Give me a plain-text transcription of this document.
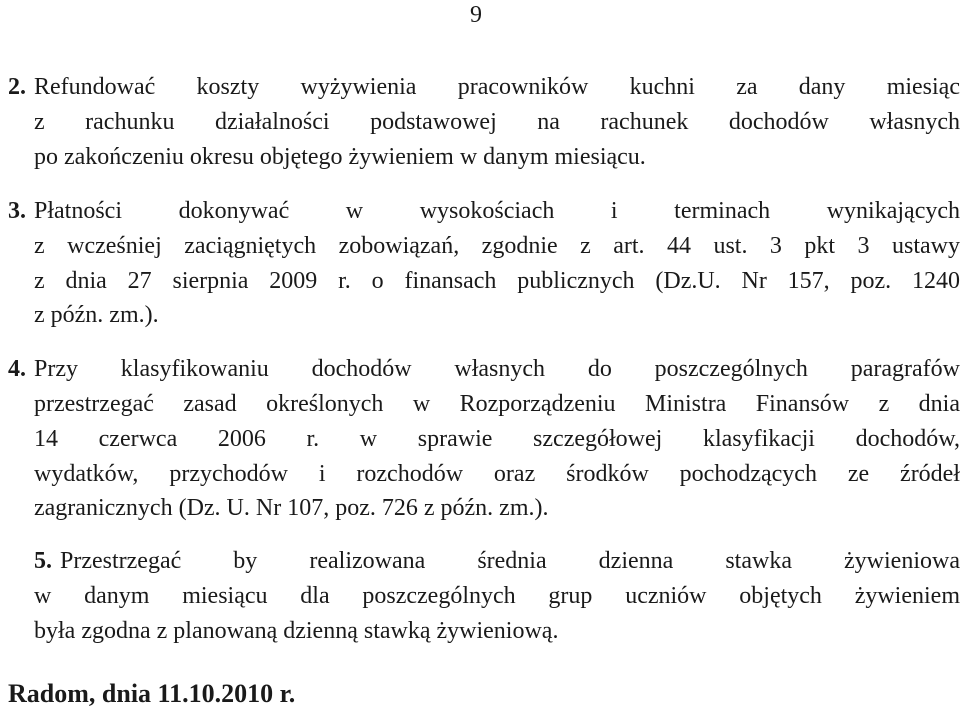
9
2. Refundować koszty wyżywienia pracowników kuchni za dany miesiąc
z rachunku działalności podstawowej na rachunek dochodów własnych
po zakończeniu okresu objętego żywieniem w danym miesiącu.
3. Płatności dokonywać w wysokościach i terminach wynikających
z wcześniej zaciągniętych zobowiązań, zgodnie z art. 44 ust. 3 pkt 3 ustawy
z dnia 27 sierpnia 2009 r. o finansach publicznych (Dz.U. Nr 157, poz. 1240
z późn. zm.).
4. Przy klasyfikowaniu dochodów własnych do poszczególnych paragrafów
przestrzegać zasad określonych w Rozporządzeniu Ministra Finansów z dnia
14 czerwca 2006 r. w sprawie szczegółowej klasyfikacji dochodów,
wydatków, przychodów i rozchodów oraz środków pochodzących ze źródeł
zagranicznych (Dz. U. Nr 107, poz. 726 z późn. zm.).
5. Przestrzegać by realizowana średnia dzienna stawka żywieniowa
w danym miesiącu dla poszczególnych grup uczniów objętych żywieniem
była zgodna z planowaną dzienną stawką żywieniową.
Radom, dnia 11.10.2010 r.
